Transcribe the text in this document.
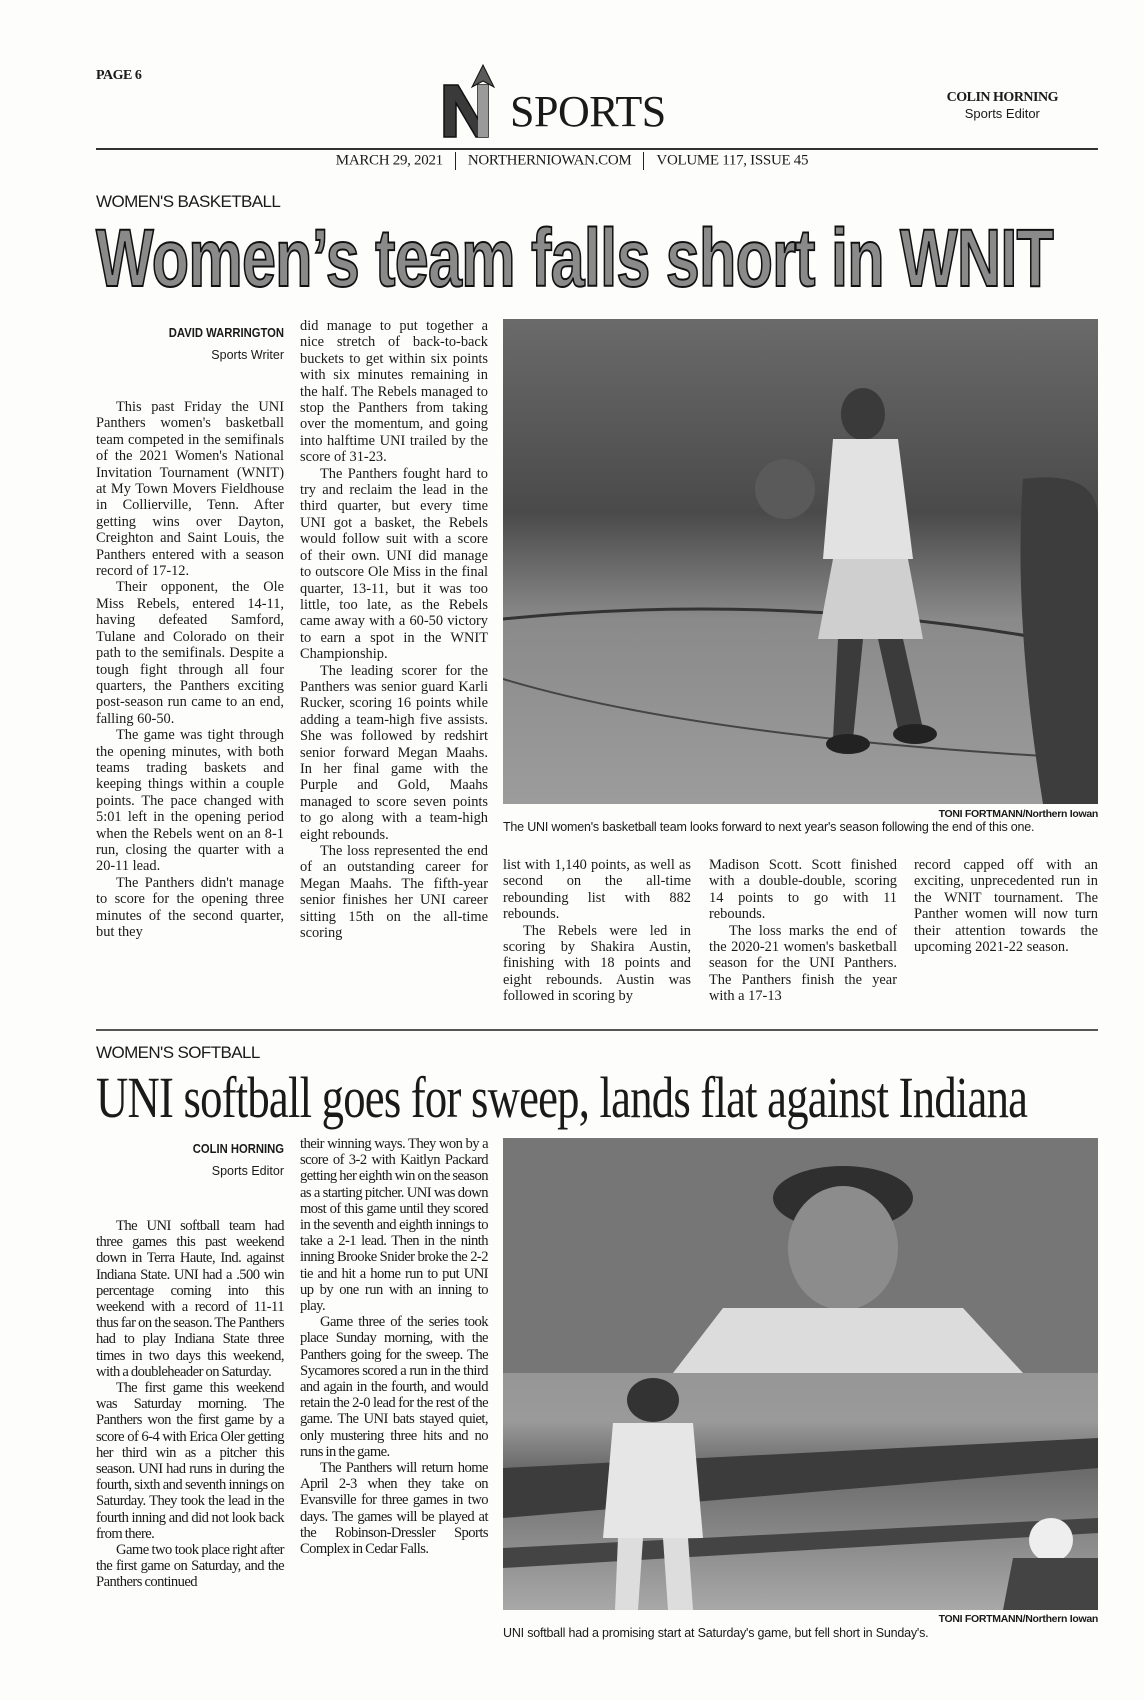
PAGE 6
SPORTS	COLIN HORNING
Sports Editor
MARCH 29, 2021 NORTHERNIOWAN.COM VOLUME 117, ISSUE 45
WOMEN'S BASKETBALL
Women’s team falls short in WNIT
DAVID WARRINGTON
Sports Writer

This past Friday the UNI Panthers women's basketball team competed in the semifinals of the 2021 Women's National Invitation Tournament (WNIT) at My Town Movers Fieldhouse in Collierville, Tenn. After getting wins over Dayton, Creighton and Saint Louis, the Panthers entered with a season record of 17-12.

Their opponent, the Ole Miss Rebels, entered 14-11, having defeated Samford, Tulane and Colorado on their path to the semifinals. Despite a tough fight through all four quarters, the Panthers exciting post-season run came to an end, falling 60-50.

The game was tight through the opening minutes, with both teams trading baskets and keeping things within a couple points. The pace changed with 5:01 left in the opening period when the Rebels went on an 8-1 run, closing the quarter with a 20-11 lead.

The Panthers didn't manage to score for the opening three minutes of the second quarter, but they

did manage to put together a nice stretch of back-to-back buckets to get within six points with six minutes remaining in the half. The Rebels managed to stop the Panthers from taking over the momentum, and going into halftime UNI trailed by the score of 31-23.

The Panthers fought hard to try and reclaim the lead in the third quarter, but every time UNI got a basket, the Rebels would follow suit with a score of their own. UNI did manage to outscore Ole Miss in the final quarter, 13-11, but it was too little, too late, as the Rebels came away with a 60-50 victory to earn a spot in the WNIT Championship.

The leading scorer for the Panthers was senior guard Karli Rucker, scoring 16 points while adding a team-high five assists. She was followed by redshirt senior forward Megan Maahs. In her final game with the Purple and Gold, Maahs managed to score seven points to go along with a team-high eight rebounds.

The loss represented the end of an outstanding career for Megan Maahs. The fifth-year senior finishes her UNI career sitting 15th on the all-time scoring

TONI FORTMANN/Northern Iowan
The UNI women's basketball team looks forward to next year's season following the end of this one.

list with 1,140 points, as well as second on the all-time rebounding list with 882 rebounds.

The Rebels were led in scoring by Shakira Austin, finishing with 18 points and eight rebounds. Austin was followed in scoring by

Madison Scott. Scott finished with a double-double, scoring 14 points to go with 11 rebounds.

The loss marks the end of the 2020-21 women's basketball season for the UNI Panthers. The Panthers finish the year with a 17-13

record capped off with an exciting, unprecedented run in the WNIT tournament. The Panther women will now turn their attention towards the upcoming 2021-22 season.

WOMEN'S SOFTBALL
UNI softball goes for sweep, lands flat against Indiana
COLIN HORNING
Sports Editor

The UNI softball team had three games this past weekend down in Terra Haute, Ind. against Indiana State. UNI had a .500 win percentage coming into this weekend with a record of 11-11 thus far on the season. The Panthers had to play Indiana State three times in two days this weekend, with a doubleheader on Saturday.

The first game this weekend was Saturday morning. The Panthers won the first game by a score of 6-4 with Erica Oler getting her third win as a pitcher this season. UNI had runs in during the fourth, sixth and seventh innings on Saturday. They took the lead in the fourth inning and did not look back from there.

Game two took place right after the first game on Saturday, and the Panthers continued

their winning ways. They won by a score of 3-2 with Kaitlyn Packard getting her eighth win on the season as a starting pitcher. UNI was down most of this game until they scored in the seventh and eighth innings to take a 2-1 lead. Then in the ninth inning Brooke Snider broke the 2-2 tie and hit a home run to put UNI up by one run with an inning to play.

Game three of the series took place Sunday morning, with the Panthers going for the sweep. The Sycamores scored a run in the third and again in the fourth, and would retain the 2-0 lead for the rest of the game. The UNI bats stayed quiet, only mustering three hits and no runs in the game.

The Panthers will return home April 2-3 when they take on Evansville for three games in two days. The games will be played at the Robinson-Dressler Sports Complex in Cedar Falls.

TONI FORTMANN/Northern Iowan
UNI softball had a promising start at Saturday's game, but fell short in Sunday's.
